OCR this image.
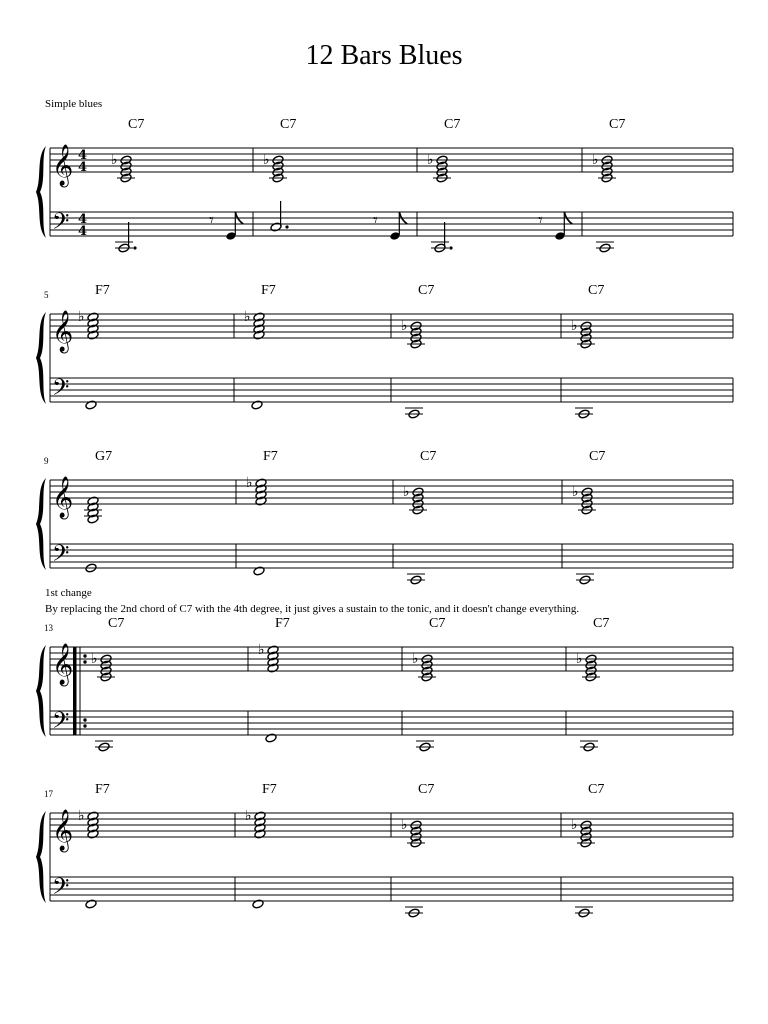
12 Bars Blues
Simple blues
𝄞
𝄢
4
4
4
4
C7
♭
𝄾
C7
♭
𝄾
C7
♭
𝄾
C7
♭
5
𝄞
𝄢
F7
♭
F7
♭
C7
♭
C7
♭
9
𝄞
𝄢
G7	F7
♭
C7
♭
C7
♭
1st change
By replacing the 2nd chord of C7 with the 4th degree, it just gives a sustain to the tonic, and it doesn't change everything.
13
𝄞
𝄢
C7
♭
F7
♭
C7
♭
C7
♭
17
𝄞
𝄢
F7
♭
F7
♭
C7
♭
C7
♭
